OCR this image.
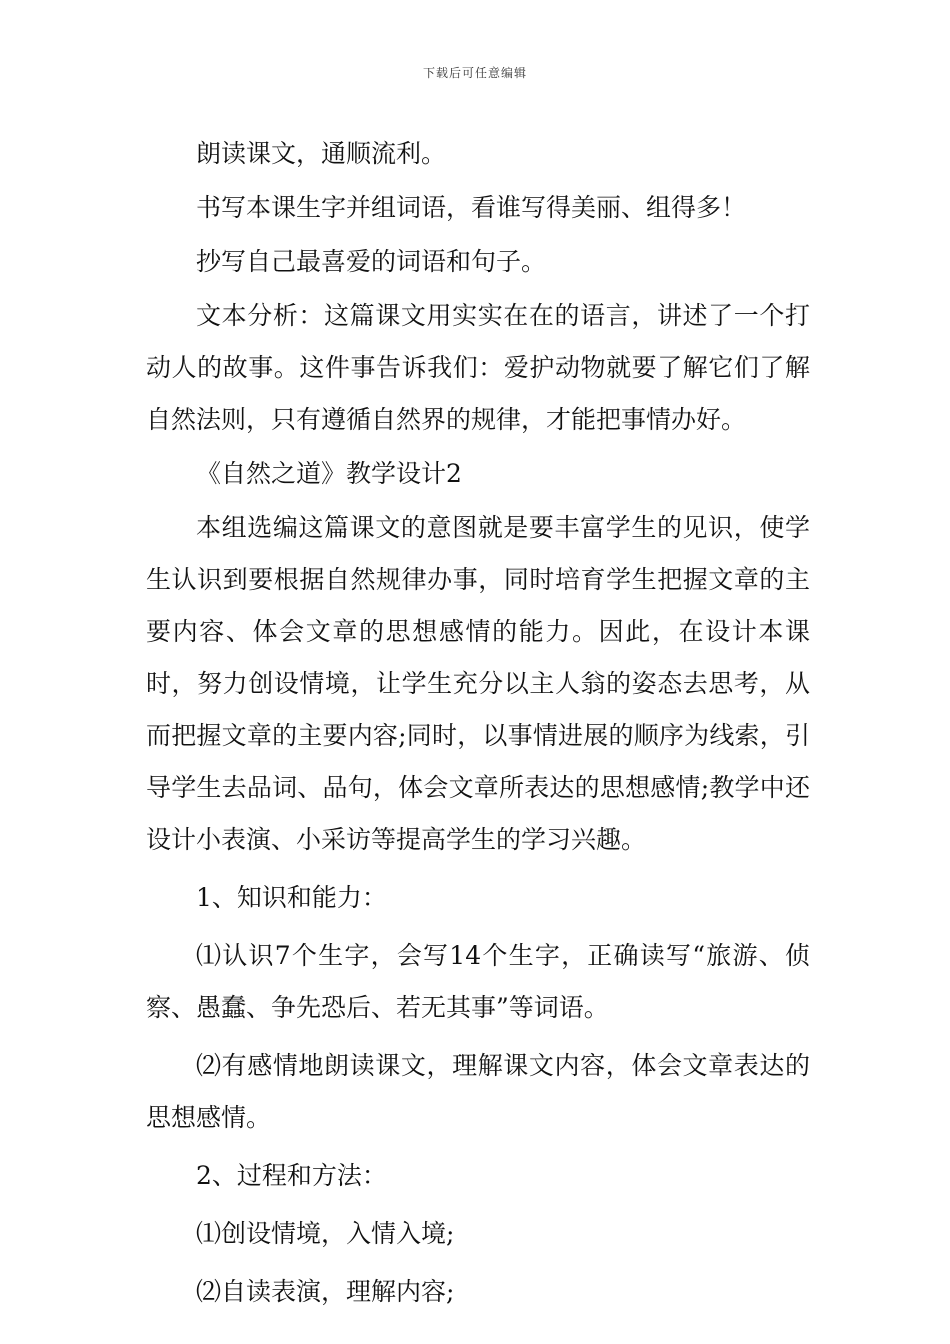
下载后可任意编辑

朗读课文，通顺流利。

书写本课生字并组词语，看谁写得美丽、组得多！

抄写自己最喜爱的词语和句子。

文本分析：这篇课文用实实在在的语言，讲述了一个打动人的故事。这件事告诉我们：爱护动物就要了解它们了解自然法则，只有遵循自然界的规律，才能把事情办好。

《自然之道》教学设计2

本组选编这篇课文的意图就是要丰富学生的见识，使学生认识到要根据自然规律办事，同时培育学生把握文章的主要内容、体会文章的思想感情的能力。因此，在设计本课时，努力创设情境，让学生充分以主人翁的姿态去思考，从而把握文章的主要内容;同时，以事情进展的顺序为线索，引导学生去品词、品句，体会文章所表达的思想感情;教学中还设计小表演、小采访等提高学生的学习兴趣。

1、知识和能力：

⑴认识7个生字，会写14个生字，正确读写“旅游、侦察、愚蠢、争先恐后、若无其事”等词语。

⑵有感情地朗读课文，理解课文内容，体会文章表达的思想感情。

2、过程和方法：

⑴创设情境，入情入境;

⑵自读表演，理解内容;
